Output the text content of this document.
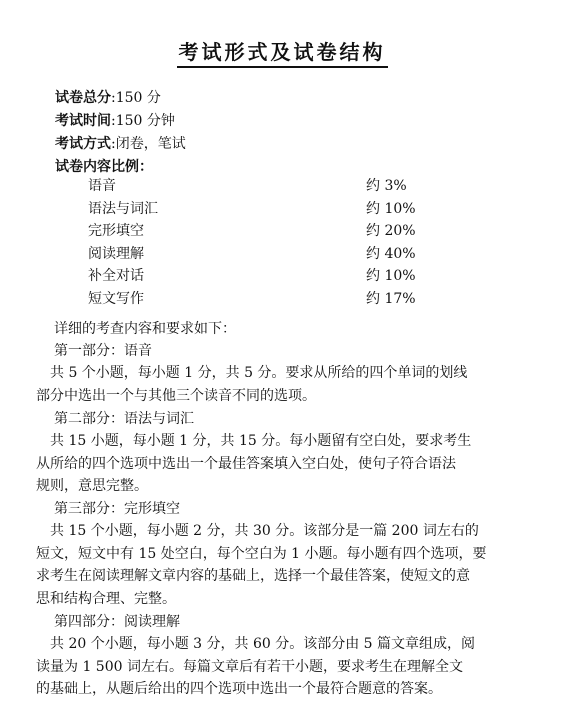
考试形式及试卷结构
试卷总分:150 分
考试时间:150 分钟
考试方式:闭卷，笔试
试卷内容比例：
语音	约 3%
语法与词汇	约 10%
完形填空	约 20%
阅读理解	约 40%
补全对话	约 10%
短文写作	约 17%
详细的考查内容和要求如下：
第一部分：语音

共 5 个小题，每小题 1 分，共 5 分。要求从所给的四个单词的划线

部分中选出一个与其他三个读音不同的选项。

第二部分：语法与词汇

共 15 小题，每小题 1 分，共 15 分。每小题留有空白处，要求考生

从所给的四个选项中选出一个最佳答案填入空白处，使句子符合语法

规则，意思完整。

第三部分：完形填空

共 15 个小题，每小题 2 分，共 30 分。该部分是一篇 200 词左右的

短文，短文中有 15 处空白，每个空白为 1 小题。每小题有四个选项，要

求考生在阅读理解文章内容的基础上，选择一个最佳答案，使短文的意

思和结构合理、完整。

第四部分：阅读理解

共 20 个小题，每小题 3 分，共 60 分。该部分由 5 篇文章组成，阅

读量为 1 500 词左右。每篇文章后有若干小题，要求考生在理解全文

的基础上，从题后给出的四个选项中选出一个最符合题意的答案。
